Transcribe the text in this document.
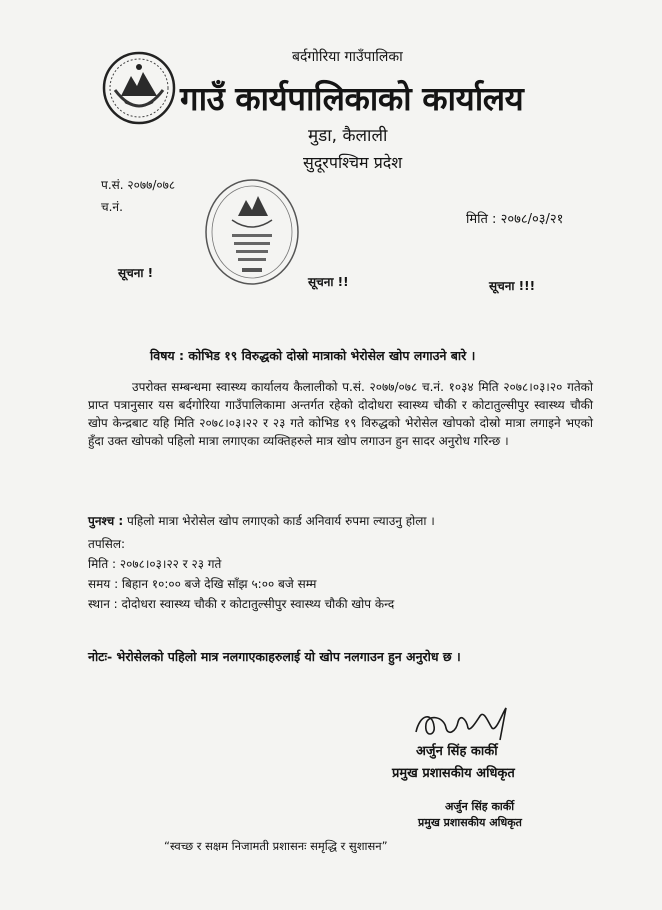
बर्दगोरिया गाउँपालिका
गाउँ कार्यपालिकाको कार्यालय
मुडा, कैलाली
सुदूरपश्चिम प्रदेश
प.सं. २०७७/०७८
च.नं.
मिति : २०७८/०३/२१
सूचना !
सूचना !!	सूचना !!!
विषय : कोभिड १९ विरुद्धको दोस्रो मात्राको भेरोसेल खोप लगाउने बारे ।
उपरोक्त सम्बन्धमा स्वास्थ्य कार्यालय कैलालीको प.सं. २०७७/०७८ च.नं. १०३४ मिति २०७८।०३।२० गतेको प्राप्त पत्रानुसार यस बर्दगोरिया गाउँपालिकामा अन्तर्गत रहेको दोदोधरा स्वास्थ्य चौकी र कोटातुल्सीपुर स्वास्थ्य चौकी खोप केन्द्रबाट यहि मिति २०७८।०३।२२ र २३ गते कोभिड १९ विरुद्धको भेरोसेल खोपको दोस्रो मात्रा लगाइने भएको हुँदा उक्त खोपको पहिलो मात्रा लगाएका व्यक्तिहरुले मात्र खोप लगाउन हुन सादर अनुरोध गरिन्छ ।
पुनश्च : पहिलो मात्रा भेरोसेल खोप लगाएको कार्ड अनिवार्य रुपमा ल्याउनु होला ।
तपसिल:
मिति : २०७८।०३।२२ र २३ गते
समय : बिहान १०:०० बजे देखि साँझ ५:०० बजे सम्म
स्थान : दोदोधरा स्वास्थ्य चौकी र कोटातुल्सीपुर स्वास्थ्य चौकी खोप केन्द
नोटः- भेरोसेलको पहिलो मात्र नलगाएकाहरुलाई यो खोप नलगाउन हुन अनुरोध छ ।
अर्जुन सिंह कार्की
प्रमुख प्रशासकीय अधिकृत
अर्जुन सिंह कार्की
प्रमुख प्रशासकीय अधिकृत
“स्वच्छ र सक्षम निजामती प्रशासनः समृद्धि र सुशासन”
